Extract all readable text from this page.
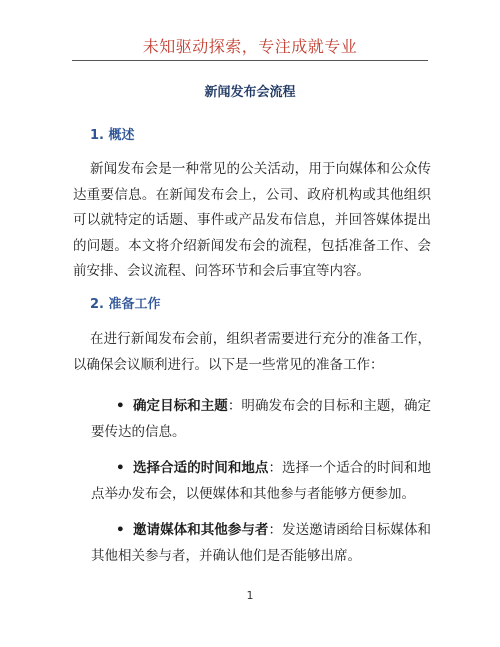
未知驱动探索，专注成就专业
新闻发布会流程
1. 概述
新闻发布会是一种常见的公关活动，用于向媒体和公众传达重要信息。在新闻发布会上，公司、政府机构或其他组织可以就特定的话题、事件或产品发布信息，并回答媒体提出的问题。本文将介绍新闻发布会的流程，包括准备工作、会前安排、会议流程、问答环节和会后事宜等内容。
2. 准备工作
在进行新闻发布会前，组织者需要进行充分的准备工作，以确保会议顺利进行。以下是一些常见的准备工作：
• 确定目标和主题：明确发布会的目标和主题，确定要传达的信息。
• 选择合适的时间和地点：选择一个适合的时间和地点举办发布会，以便媒体和其他参与者能够方便参加。
• 邀请媒体和其他参与者：发送邀请函给目标媒体和其他相关参与者，并确认他们是否能够出席。
1
